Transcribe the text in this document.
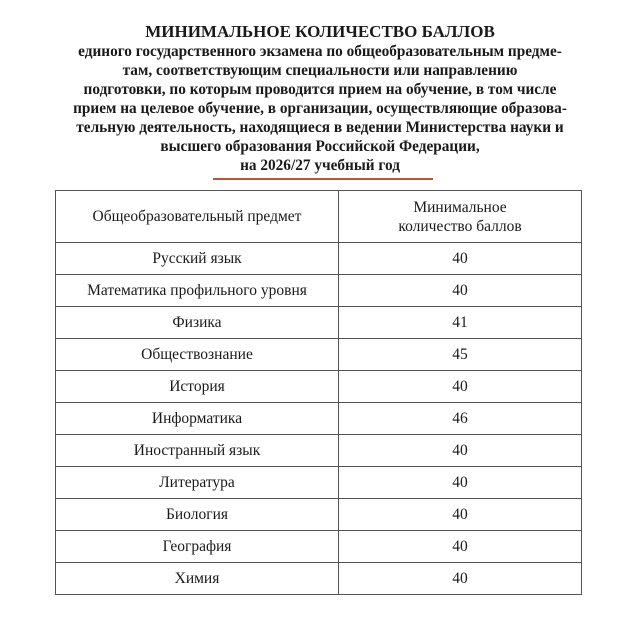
МИНИМАЛЬНОЕ КОЛИЧЕСТВО БАЛЛОВ
единого государственного экзамена по общеобразовательным предме-
там, соответствующим специальности или направлению
подготовки, по которым проводится прием на обучение, в том числе
прием на целевое обучение, в организации, осуществляющие образова-
тельную деятельность, находящиеся в ведении Министерства науки и
высшего образования Российской Федерации,
на 2026/27 учебный год
Общеобразовательный предмет	Минимальное количество баллов
Русский язык	40
Математика профильного уровня	40
Физика	41
Обществознание	45
История	40
Информатика	46
Иностранный язык	40
Литература	40
Биология	40
География	40
Химия	40
